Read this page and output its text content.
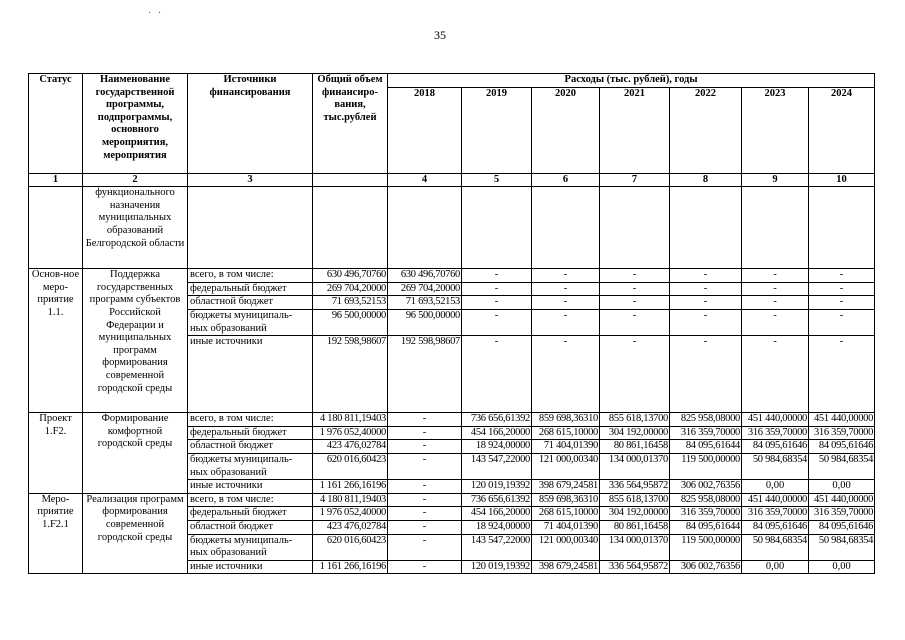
· ·
35
Статус	Наименование государственной программы, подпрограммы, основного мероприятия, мероприятия	Источники финансирования	Общий объем финансиро-вания, тыс.рублей	Расходы (тыс. рублей), годы						
				2018	2019	2020	2021	2022	2023	2024
1	2	3		4	5	6	7	8	9	10
	функционального назначения муниципальных образований Белгородской области									
Основ-ное меро-приятие 1.1.	Поддержка государственных программ субъектов Российской Федерации и муниципальных программ формирования современной городской среды	всего, в том числе:	630 496,70760	630 496,70760	-	-	-	-	-	-
		федеральный бюджет	269 704,20000	269 704,20000	-	-	-	-	-	-
		областной бюджет	71 693,52153	71 693,52153	-	-	-	-	-	-
		бюджеты муниципаль-ных образований	96 500,00000	96 500,00000	-	-	-	-	-	-
		иные источники	192 598,98607	192 598,98607	-	-	-	-	-	-
Проект 1.F2.	Формирование комфортной городской среды	всего, в том числе:	4 180 811,19403	-	736 656,61392	859 698,36310	855 618,13700	825 958,08000	451 440,00000	451 440,00000
		федеральный бюджет	1 976 052,40000	-	454 166,20000	268 615,10000	304 192,00000	316 359,70000	316 359,70000	316 359,70000
		областной бюджет	423 476,02784	-	18 924,00000	71 404,01390	80 861,16458	84 095,61644	84 095,61646	84 095,61646
		бюджеты муниципаль-ных образований	620 016,60423	-	143 547,22000	121 000,00340	134 000,01370	119 500,00000	50 984,68354	50 984,68354
		иные источники	1 161 266,16196	-	120 019,19392	398 679,24581	336 564,95872	306 002,76356	0,00	0,00
Меро-приятие 1.F2.1	Реализация программ формирования современной городской среды	всего, в том числе:	4 180 811,19403	-	736 656,61392	859 698,36310	855 618,13700	825 958,08000	451 440,00000	451 440,00000
		федеральный бюджет	1 976 052,40000	-	454 166,20000	268 615,10000	304 192,00000	316 359,70000	316 359,70000	316 359,70000
		областной бюджет	423 476,02784	-	18 924,00000	71 404,01390	80 861,16458	84 095,61644	84 095,61646	84 095,61646
		бюджеты муниципаль-ных образований	620 016,60423	-	143 547,22000	121 000,00340	134 000,01370	119 500,00000	50 984,68354	50 984,68354
		иные источники	1 161 266,16196	-	120 019,19392	398 679,24581	336 564,95872	306 002,76356	0,00	0,00
